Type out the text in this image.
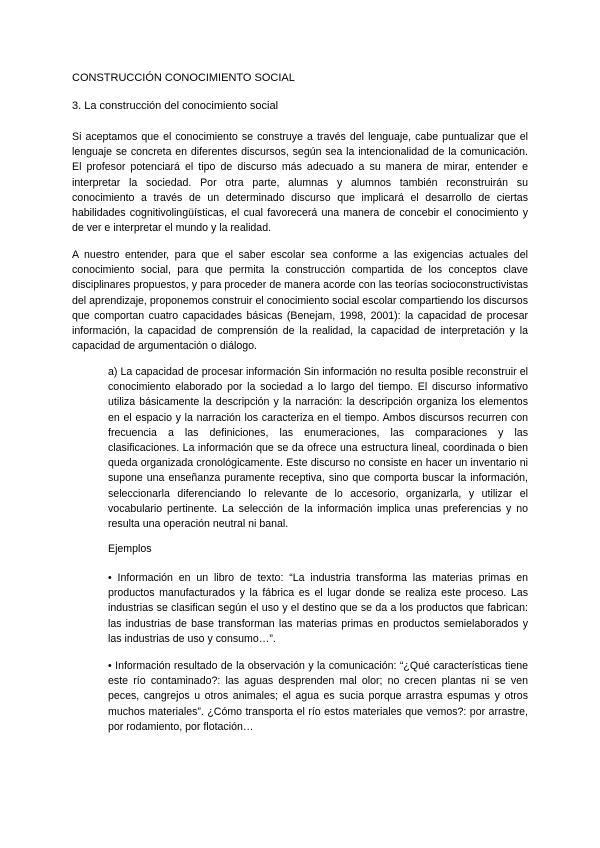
CONSTRUCCIÓN CONOCIMIENTO SOCIAL
3. La construcción del conocimiento social

Si aceptamos que el conocimiento se construye a través del lenguaje, cabe puntualizar que el lenguaje se concreta en diferentes discursos, según sea la intencionalidad de la comunicación. El profesor potenciará el tipo de discurso más adecuado a su manera de mirar, entender e interpretar la sociedad. Por otra parte, alumnas y alumnos también reconstruirán su conocimiento a través de un determinado discurso que implicará el desarrollo de ciertas habilidades cognitivolingüísticas, el cual favorecerá una manera de concebir el conocimiento y de ver e interpretar el mundo y la realidad.

A nuestro entender, para que el saber escolar sea conforme a las exigencias actuales del conocimiento social, para que permita la construcción compartida de los conceptos clave disciplinares propuestos, y para proceder de manera acorde con las teorías socioconstructivistas del aprendizaje, proponemos construir el conocimiento social escolar compartiendo los discursos que comportan cuatro capacidades básicas (Benejam, 1998, 2001): la capacidad de procesar información, la capacidad de comprensión de la realidad, la capacidad de interpretación y la capacidad de argumentación o diálogo.

a) La capacidad de procesar información Sin información no resulta posible reconstruir el conocimiento elaborado por la sociedad a lo largo del tiempo. El discurso informativo utiliza básicamente la descripción y la narración: la descripción organiza los elementos en el espacio y la narración los caracteriza en el tiempo. Ambos discursos recurren con frecuencia a las definiciones, las enumeraciones, las comparaciones y las clasificaciones. La información que se da ofrece una estructura lineal, coordinada o bien queda organizada cronológicamente. Este discurso no consiste en hacer un inventario ni supone una enseñanza puramente receptiva, sino que comporta buscar la información, seleccionarla diferenciando lo relevante de lo accesorio, organizarla, y utilizar el vocabulario pertinente. La selección de la información implica unas preferencias y no resulta una operación neutral ni banal.

Ejemplos

• Información en un libro de texto: “La industria transforma las materias primas en productos manufacturados y la fábrica es el lugar donde se realiza este proceso. Las industrias se clasifican según el uso y el destino que se da a los productos que fabrican: las industrias de base transforman las materias primas en productos semielaborados y las industrias de uso y consumo…”.

• Información resultado de la observación y la comunicación: “¿Qué características tiene este río contaminado?: las aguas desprenden mal olor; no crecen plantas ni se ven peces, cangrejos u otros animales; el agua es sucia porque arrastra espumas y otros muchos materiales”. ¿Cómo transporta el río estos materiales que vemos?: por arrastre, por rodamiento, por flotación…
